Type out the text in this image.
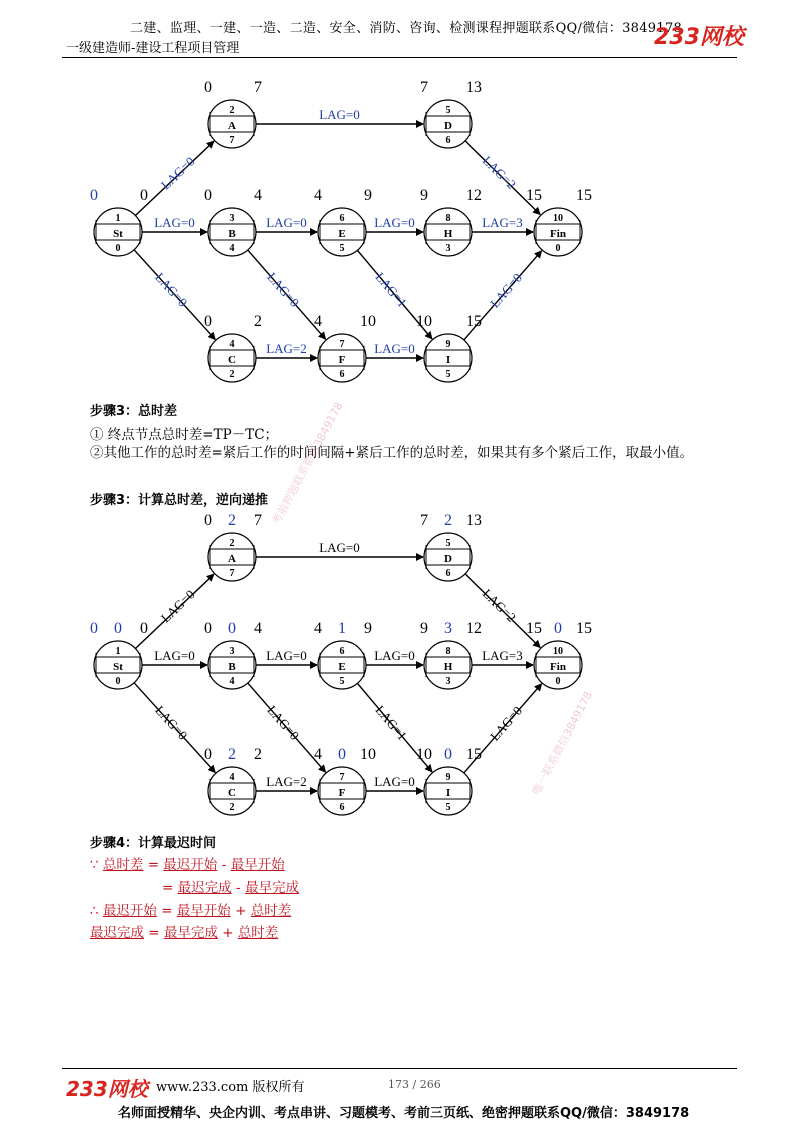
二建、监理、一建、一造、二造、安全、消防、咨询、检测课程押题联系QQ/微信：3849178
233网校
一级建造师-建设工程项目管理
LAG=0
LAG=0
LAG=0
LAG=0
LAG=0
LAG=0
LAG=2
LAG=0
LAG=1
LAG=0
LAG=2
LAG=3
LAG=0
1
St
0
0	0
2
A
7
0	7
3
B
4
0	4
4
C
2
0	2
5
D
6
7 13
6
E
5
4	9
7
F
6
4 10
8
H
3
9 12
9
I
5
10 15
10
Fin
0
15 15
步骤3：总时差
① 终点节点总时差=TP－TC；
②其他工作的总时差=紧后工作的时间间隔+紧后工作的总时差，如果其有多个紧后工作，取最小值。
步骤3：计算总时差，逆向递推
LAG=0
LAG=0
LAG=0
LAG=0
LAG=0
LAG=0
LAG=2
LAG=0
LAG=1
LAG=0
LAG=2
LAG=3
LAG=0
1
St
0
0 0 0
2
A
7
0 2 7
3
B
4
0 0 4
4
C
2
0 2 2
5
D
6
7 2 13
6
E
5
4 1 9
7
F
6
4 0 10
8
H
3
9 3 12
9
I
5
10 0 15
10
Fin
0
15 0 15
步骤4：计算最迟时间
∵ 总时差 = 最迟开始 - 最早开始
= 最迟完成 - 最早完成
∴ 最迟开始 = 最早开始 + 总时差
最迟完成 = 最早完成 + 总时差
考前押题联系微信3849178
唯一联系微信3849178
233网校 www.233.com 版权所有	173 / 266
名师面授精华、央企内训、考点串讲、习题模考、考前三页纸、绝密押题联系QQ/微信：3849178
